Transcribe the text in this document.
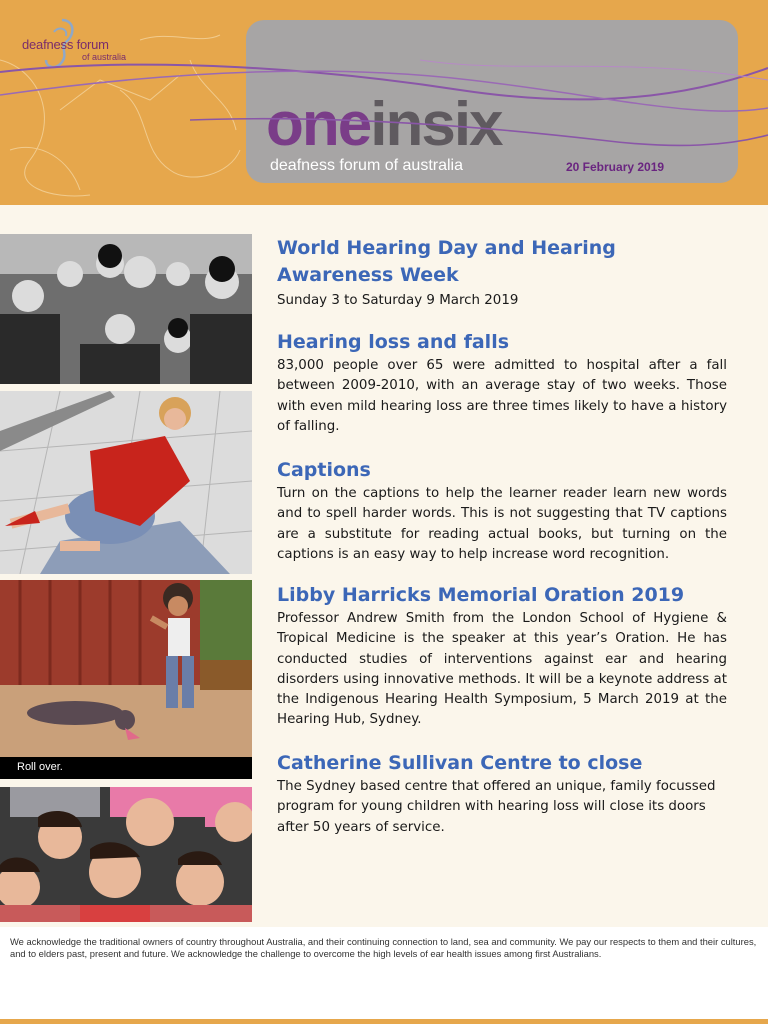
deafness forum
of australia
oneinsix
deafness forum of australia	20 February 2019
Roll over.
World Hearing Day and Hearing Awareness Week

Sunday 3 to Saturday 9 March 2019

Hearing loss and falls

83,000 people over 65 were admitted to hospital after a fall between 2009-2010, with an average stay of two weeks. Those with even mild hearing loss are three times likely to have a history of falling.

Captions

Turn on the captions to help the learner reader learn new words and to spell harder words. This is not suggesting that TV captions are a substitute for reading actual books, but turning on the captions is an easy way to help increase word recognition.

Libby Harricks Memorial Oration 2019

Professor Andrew Smith from the London School of Hygiene & Tropical Medicine is the speaker at this year’s Oration. He has conducted studies of interventions against ear and hearing disorders using innovative methods. It will be a keynote address at the Indigenous Hearing Health Symposium, 5 March 2019 at the Hearing Hub, Sydney.

Catherine Sullivan Centre to close

The Sydney based centre that offered an unique, family focussed program for young children with hearing loss will close its doors after 50 years of service.

We acknowledge the traditional owners of country throughout Australia, and their continuing connection to land, sea and community. We pay our respects to them and their cultures, and to elders past, present and future. We acknowledge the challenge to overcome the high levels of ear health issues among first Australians.
